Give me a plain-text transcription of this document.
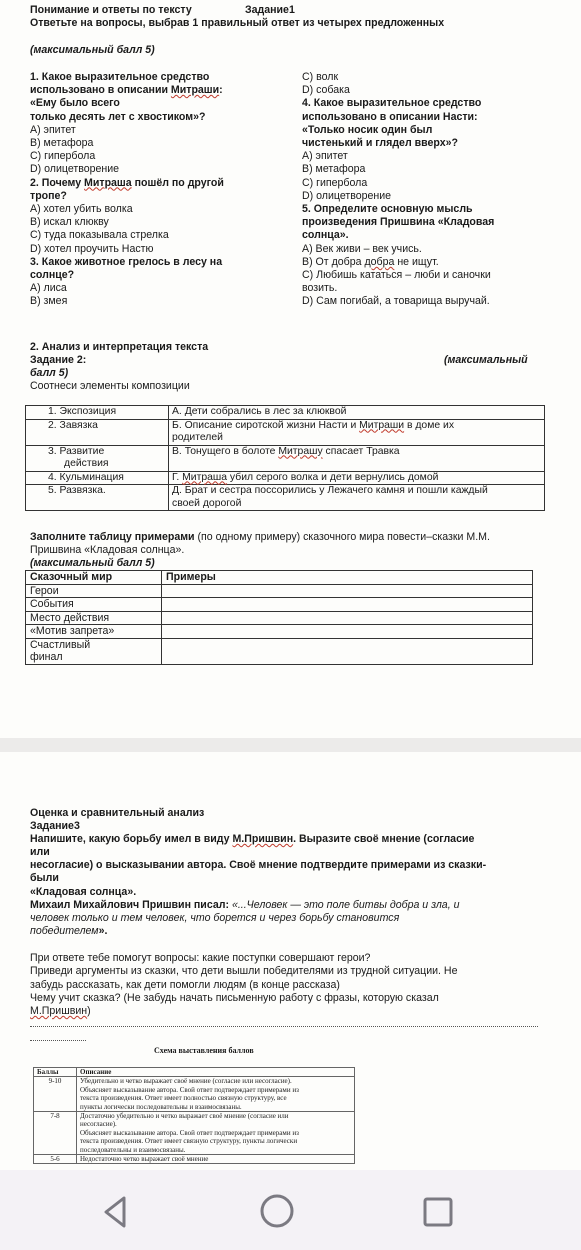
Понимание и ответы по тексту	Задание1

Ответьте на вопросы, выбрав 1 правильный ответ из четырех предложенных

(максимальный балл 5)

1. Какое выразительное средство

использовано в описании Митраши:

«Ему было всего

только десять лет с хвостиком»?

А) эпитет

В) метафора

С) гипербола

D) олицетворение

2. Почему Митраша пошёл по другой

тропе?

А) хотел убить волка

В) искал клюкву

С) туда показывала стрелка

D) хотел проучить Настю

3. Какое животное грелось в лесу на

солнце?

А) лиса

В) змея

С) волк

D) собака

4. Какое выразительное средство

использовано в описании Насти:

«Только носик один был

чистенький и глядел вверх»?

А) эпитет

В) метафора

С) гипербола

D) олицетворение

5. Определите основную мысль

произведения Пришвина «Кладовая

солнца».

А) Век живи – век учись.

В) От добра добра не ищут.

С) Любишь кататься – люби и саночки

возить.

D) Сам погибай, а товарища выручай.

2. Анализ и интерпретация текста

Задание 2:	(максимальный

балл 5)

Соотнеси элементы композиции

1. Экспозиция	А. Дети собрались в лес за клюквой
2. Завязка	Б. Описание сиротской жизни Насти и Митраши в доме их
родителей
3. Развитие
действия	В. Тонущего в болоте Митрашу спасает Травка
4. Кульминация	Г. Митраша убил серого волка и дети вернулись домой
5. Развязка.	Д. Брат и сестра поссорились у Лежачего камня и пошли каждый
своей дорогой

Заполните таблицу примерами (по одному примеру) сказочного мира повести–сказки М.М.

Пришвина «Кладовая солнца».

(максимальный балл 5)

Сказочный мир	Примеры
Герои	
События	
Место действия	
«Мотив запрета»	
Счастливый
финал	

Оценка и сравнительный анализ

Задание3

Напишите, какую борьбу имел в виду М.Пришвин. Выразите своё мнение (согласие

или

несогласие) о высказывании автора. Своё мнение подтвердите примерами из сказки-

были

«Кладовая солнца».

Михаил Михайлович Пришвин писал: «...Человек — это поле битвы добра и зла, и

человек только и тем человек, что борется и через борьбу становится

победителем».

При ответе тебе помогут вопросы: какие поступки совершают герои?

Приведи аргументы из сказки, что дети вышли победителями из трудной ситуации. Не

забудь рассказать, как дети помогли людям (в конце рассказа)

Чему учит сказка? (Не забудь начать письменную работу с фразы, которую сказал

М.Пришвин)

Схема выставления баллов

Баллы	Описание
9-10	Убедительно и четко выражает своё мнение (согласие или несогласие).
Объясняет высказывание автора. Свой ответ подтверждает примерами из
текста произведения. Ответ имеет полностью связную структуру, все
пункты логически последовательны и взаимосвязаны.

7-8	Достаточно убедительно и четко выражает своё мнение (согласие или
несогласие).
Объясняет высказывание автора. Свой ответ подтверждает примерами из
текста произведения. Ответ имеет связную структуру, пункты логически
последовательны и взаимосвязаны.

5-6	Недостаточно четко выражает своё мнение
